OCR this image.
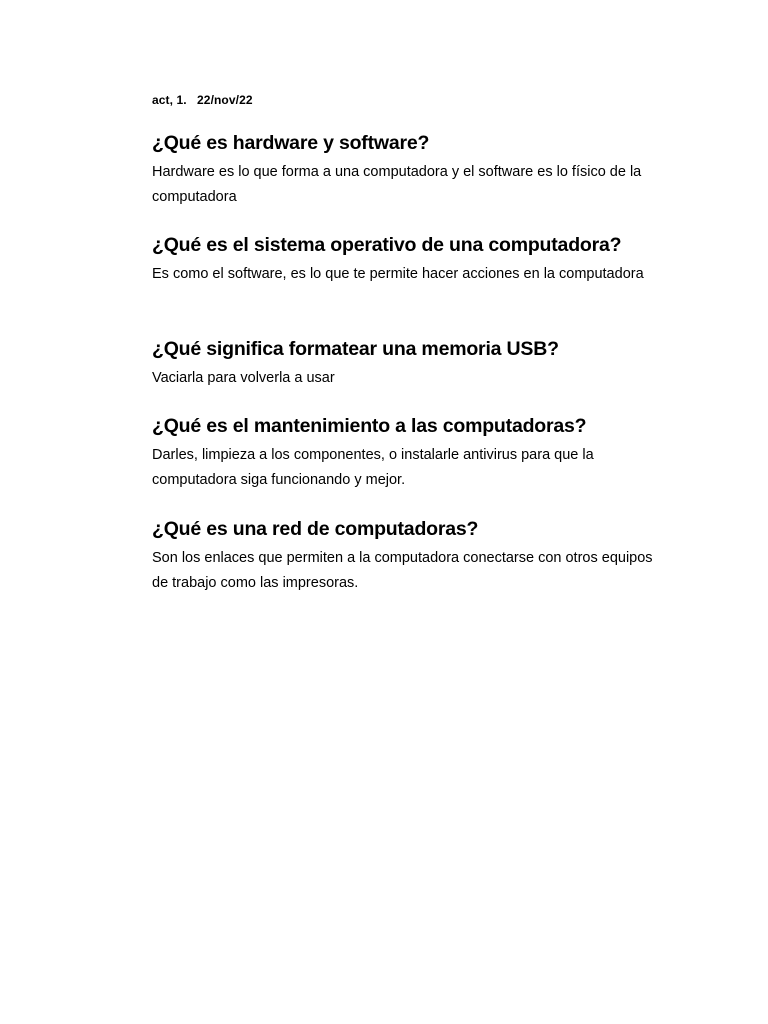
act, 1.   22/nov/22

¿Qué es hardware y software?

Hardware es lo que forma a una computadora y el software es lo físico de la computadora

¿Qué es el sistema operativo de una computadora?

Es como el software, es lo que te permite hacer acciones en la computadora

¿Qué significa formatear una memoria USB?

Vaciarla para volverla a usar

¿Qué es el mantenimiento a las computadoras?

Darles, limpieza a los componentes, o instalarle antivirus para que la computadora siga funcionando y mejor.

¿Qué es una red de computadoras?

Son los enlaces que permiten a la computadora conectarse con otros equipos de trabajo como las impresoras.
